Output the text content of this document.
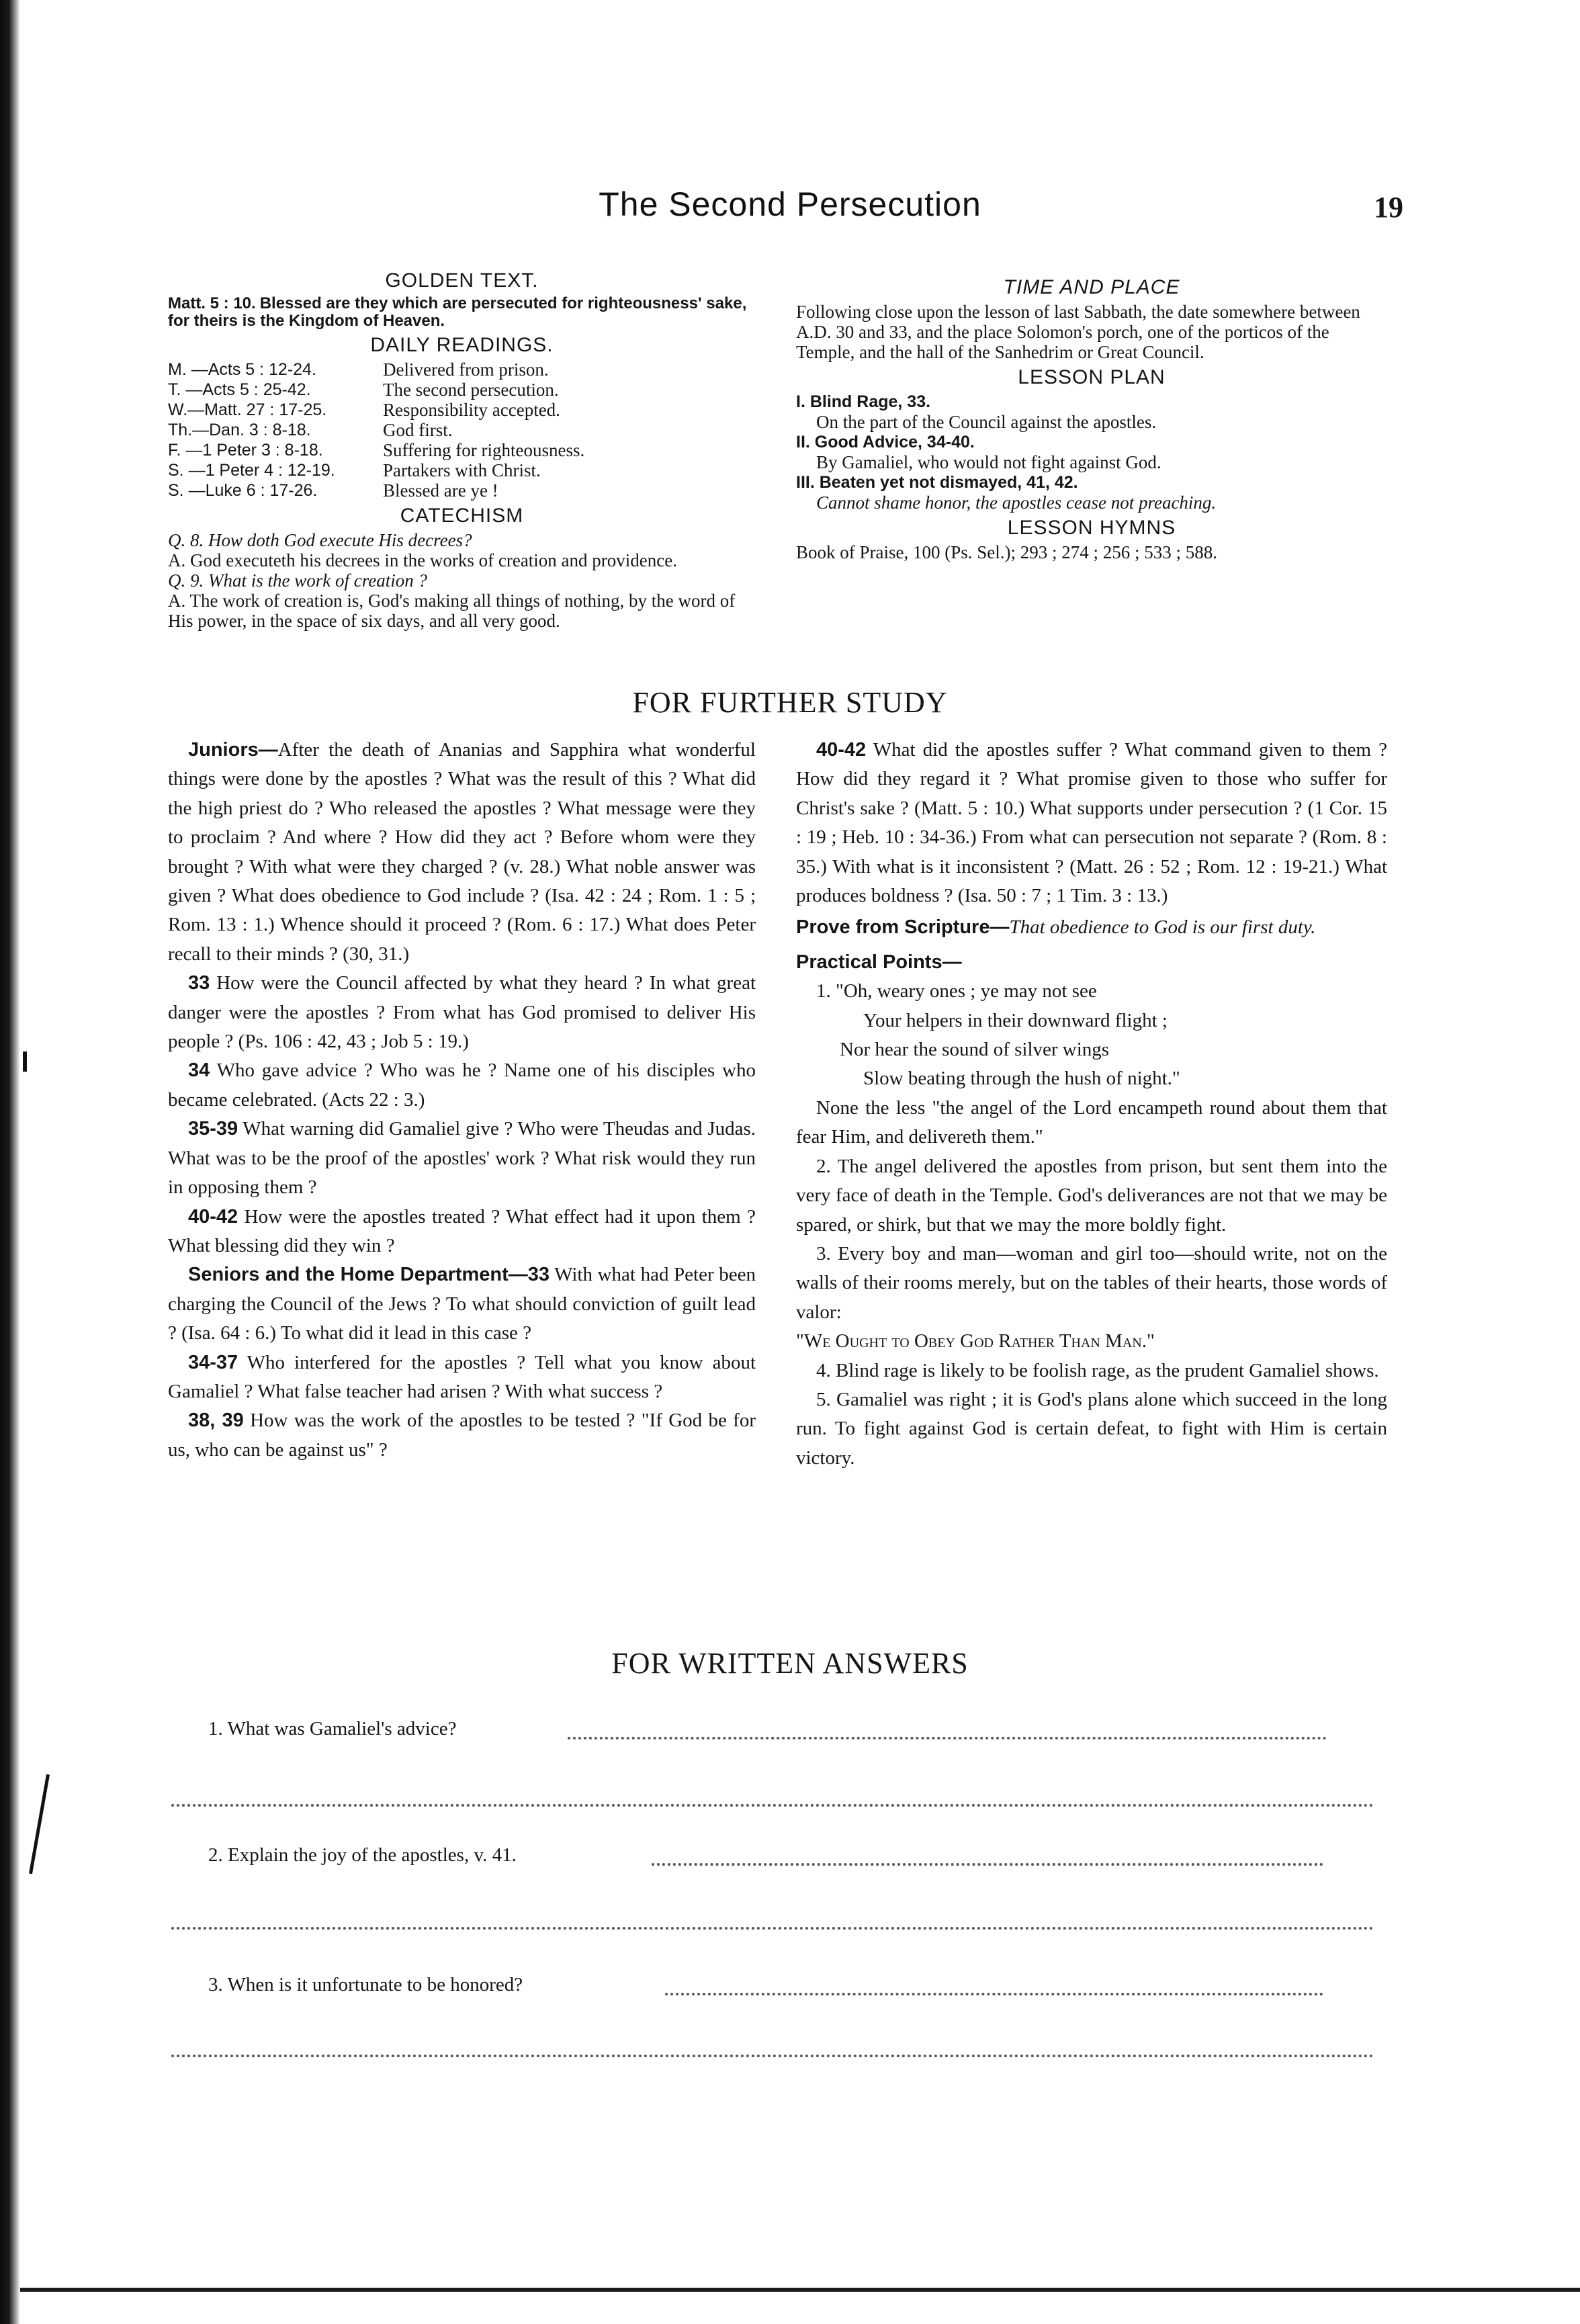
The Second Persecution	19
GOLDEN TEXT.
Matt. 5 : 10. Blessed are they which are persecuted for righteousness' sake, for theirs is the Kingdom of Heaven.
DAILY READINGS.
M. —Acts 5 : 12-24.	Delivered from prison.
T. —Acts 5 : 25-42.	The second persecution.
W.—Matt. 27 : 17-25.	Responsibility accepted.
Th.—Dan. 3 : 8-18.	God first.
F. —1 Peter 3 : 8-18.	Suffering for righteousness.
S. —1 Peter 4 : 12-19.	Partakers with Christ.
S. —Luke 6 : 17-26.	Blessed are ye !
CATECHISM

Q. 8. How doth God execute His decrees?

A. God executeth his decrees in the works of creation and providence.

Q. 9. What is the work of creation ?

A. The work of creation is, God's making all things of nothing, by the word of His power, in the space of six days, and all very good.

TIME AND PLACE
Following close upon the lesson of last Sabbath, the date somewhere between A.D. 30 and 33, and the place Solomon's porch, one of the porticos of the Temple, and the hall of the Sanhedrim or Great Council.
LESSON PLAN
I. Blind Rage, 33.
On the part of the Council against the apostles.
II. Good Advice, 34-40.
By Gamaliel, who would not fight against God.
III. Beaten yet not dismayed, 41, 42.
Cannot shame honor, the apostles cease not preaching.
LESSON HYMNS
Book of Praise, 100 (Ps. Sel.); 293 ; 274 ; 256 ; 533 ; 588.
FOR FURTHER STUDY

Juniors—After the death of Ananias and Sapphira what wonderful things were done by the apostles ? What was the result of this ? What did the high priest do ? Who released the apostles ? What message were they to proclaim ? And where ? How did they act ? Before whom were they brought ? With what were they charged ? (v. 28.) What noble answer was given ? What does obedience to God include ? (Isa. 42 : 24 ; Rom. 1 : 5 ; Rom. 13 : 1.) Whence should it proceed ? (Rom. 6 : 17.) What does Peter recall to their minds ? (30, 31.)

33 How were the Council affected by what they heard ? In what great danger were the apostles ? From what has God promised to deliver His people ? (Ps. 106 : 42, 43 ; Job 5 : 19.)

34 Who gave advice ? Who was he ? Name one of his disciples who became celebrated. (Acts 22 : 3.)

35-39 What warning did Gamaliel give ? Who were Theudas and Judas. What was to be the proof of the apostles' work ? What risk would they run in opposing them ?

40-42 How were the apostles treated ? What effect had it upon them ? What blessing did they win ?

Seniors and the Home Department—33 With what had Peter been charging the Council of the Jews ? To what should conviction of guilt lead ? (Isa. 64 : 6.) To what did it lead in this case ?

34-37 Who interfered for the apostles ? Tell what you know about Gamaliel ? What false teacher had arisen ? With what success ?

38, 39 How was the work of the apostles to be tested ? "If God be for us, who can be against us" ?

40-42 What did the apostles suffer ? What command given to them ? How did they regard it ? What promise given to those who suffer for Christ's sake ? (Matt. 5 : 10.) What supports under persecution ? (1 Cor. 15 : 19 ; Heb. 10 : 34-36.) From what can persecution not separate ? (Rom. 8 : 35.) With what is it inconsistent ? (Matt. 26 : 52 ; Rom. 12 : 19-21.) What produces boldness ? (Isa. 50 : 7 ; 1 Tim. 3 : 13.)

Prove from Scripture—That obedience to God is our first duty.

Practical Points—

1. "Oh, weary ones ; ye may not see
Your helpers in their downward flight ;
Nor hear the sound of silver wings
Slow beating through the hush of night."

None the less "the angel of the Lord encampeth round about them that fear Him, and delivereth them."

2. The angel delivered the apostles from prison, but sent them into the very face of death in the Temple. God's deliverances are not that we may be spared, or shirk, but that we may the more boldly fight.

3. Every boy and man—woman and girl too—should write, not on the walls of their rooms merely, but on the tables of their hearts, those words of valor:

"We Ought to Obey God Rather Than Man."

4. Blind rage is likely to be foolish rage, as the prudent Gamaliel shows.

5. Gamaliel was right ; it is God's plans alone which succeed in the long run. To fight against God is certain defeat, to fight with Him is certain victory.

FOR WRITTEN ANSWERS
1. What was Gamaliel's advice?
2. Explain the joy of the apostles, v. 41.
3. When is it unfortunate to be honored?
